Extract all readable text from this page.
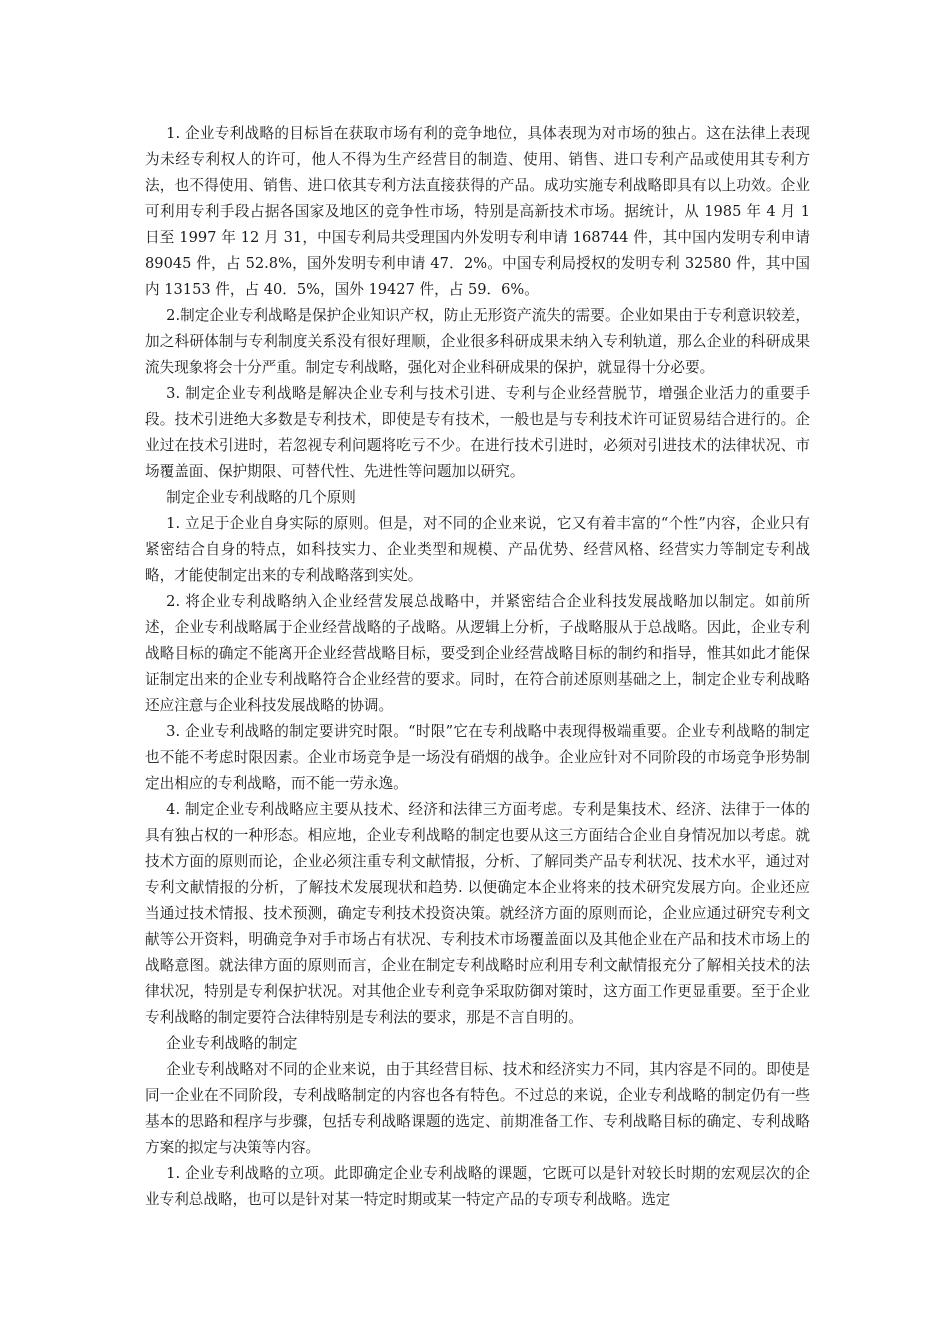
1. 企业专利战略的目标旨在获取市场有利的竞争地位，具体表现为对市场的独占。这在法律上表现为未经专利权人的许可，他人不得为生产经营目的制造、使用、销售、进口专利产品或使用其专利方法，也不得使用、销售、进口依其专利方法直接获得的产品。成功实施专利战略即具有以上功效。企业可利用专利手段占据各国家及地区的竞争性市场，特别是高新技术市场。据统计，从 1985 年 4 月 1 日至 1997 年 12 月 31，中国专利局共受理国内外发明专利申请 168744 件，其中国内发明专利申请 89045 件，占 52.8%，国外发明专利申请 47．2%。中国专利局授权的发明专利 32580 件，其中国内 13153 件，占 40．5%，国外 19427 件，占 59．6%。

2.制定企业专利战略是保护企业知识产权，防止无形资产流失的需要。企业如果由于专利意识较差，加之科研体制与专利制度关系没有很好理顺，企业很多科研成果未纳入专利轨道，那么企业的科研成果流失现象将会十分严重。制定专利战略，强化对企业科研成果的保护，就显得十分必要。

3. 制定企业专利战略是解决企业专利与技术引进、专利与企业经营脱节，增强企业活力的重要手段。技术引进绝大多数是专利技术，即使是专有技术，一般也是与专利技术许可证贸易结合进行的。企业过在技术引进时，若忽视专利问题将吃亏不少。在进行技术引进时，必须对引进技术的法律状况、市场覆盖面、保护期限、可替代性、先进性等问题加以研究。

制定企业专利战略的几个原则

1. 立足于企业自身实际的原则。但是，对不同的企业来说，它又有着丰富的“个性”内容，企业只有紧密结合自身的特点，如科技实力、企业类型和规模、产品优势、经营风格、经营实力等制定专利战略，才能使制定出来的专利战略落到实处。

2. 将企业专利战略纳入企业经营发展总战略中，并紧密结合企业科技发展战略加以制定。如前所述，企业专利战略属于企业经营战略的子战略。从逻辑上分析，子战略服从于总战略。因此，企业专利战略目标的确定不能离开企业经营战略目标，要受到企业经营战略目标的制约和指导，惟其如此才能保证制定出来的企业专利战略符合企业经营的要求。同时，在符合前述原则基础之上，制定企业专利战略还应注意与企业科技发展战略的协调。

3. 企业专利战略的制定要讲究时限。“时限”它在专利战略中表现得极端重要。企业专利战略的制定也不能不考虑时限因素。企业市场竞争是一场没有硝烟的战争。企业应针对不同阶段的市场竞争形势制定出相应的专利战略，而不能一劳永逸。

4. 制定企业专利战略应主要从技术、经济和法律三方面考虑。专利是集技术、经济、法律于一体的具有独占权的一种形态。相应地，企业专利战略的制定也要从这三方面结合企业自身情况加以考虑。就技术方面的原则而论，企业必须注重专利文献情报，分析、了解同类产品专利状况、技术水平，通过对专利文献情报的分析，了解技术发展现状和趋势. 以便确定本企业将来的技术研究发展方向。企业还应当通过技术情报、技术预测，确定专利技术投资决策。就经济方面的原则而论，企业应通过研究专利文献等公开资料，明确竞争对手市场占有状况、专利技术市场覆盖面以及其他企业在产品和技术市场上的战略意图。就法律方面的原则而言，企业在制定专利战略时应利用专利文献情报充分了解相关技术的法律状况，特别是专利保护状况。对其他企业专利竞争采取防御对策时，这方面工作更显重要。至于企业专利战略的制定要符合法律特别是专利法的要求，那是不言自明的。

企业专利战略的制定

企业专利战略对不同的企业来说，由于其经营目标、技术和经济实力不同，其内容是不同的。即使是同一企业在不同阶段，专利战略制定的内容也各有特色。不过总的来说，企业专利战略的制定仍有一些基本的思路和程序与步骤，包括专利战略课题的选定、前期准备工作、专利战略目标的确定、专利战略方案的拟定与决策等内容。

1. 企业专利战略的立项。此即确定企业专利战略的课题，它既可以是针对较长时期的宏观层次的企业专利总战略，也可以是针对某一特定时期或某一特定产品的专项专利战略。选定
